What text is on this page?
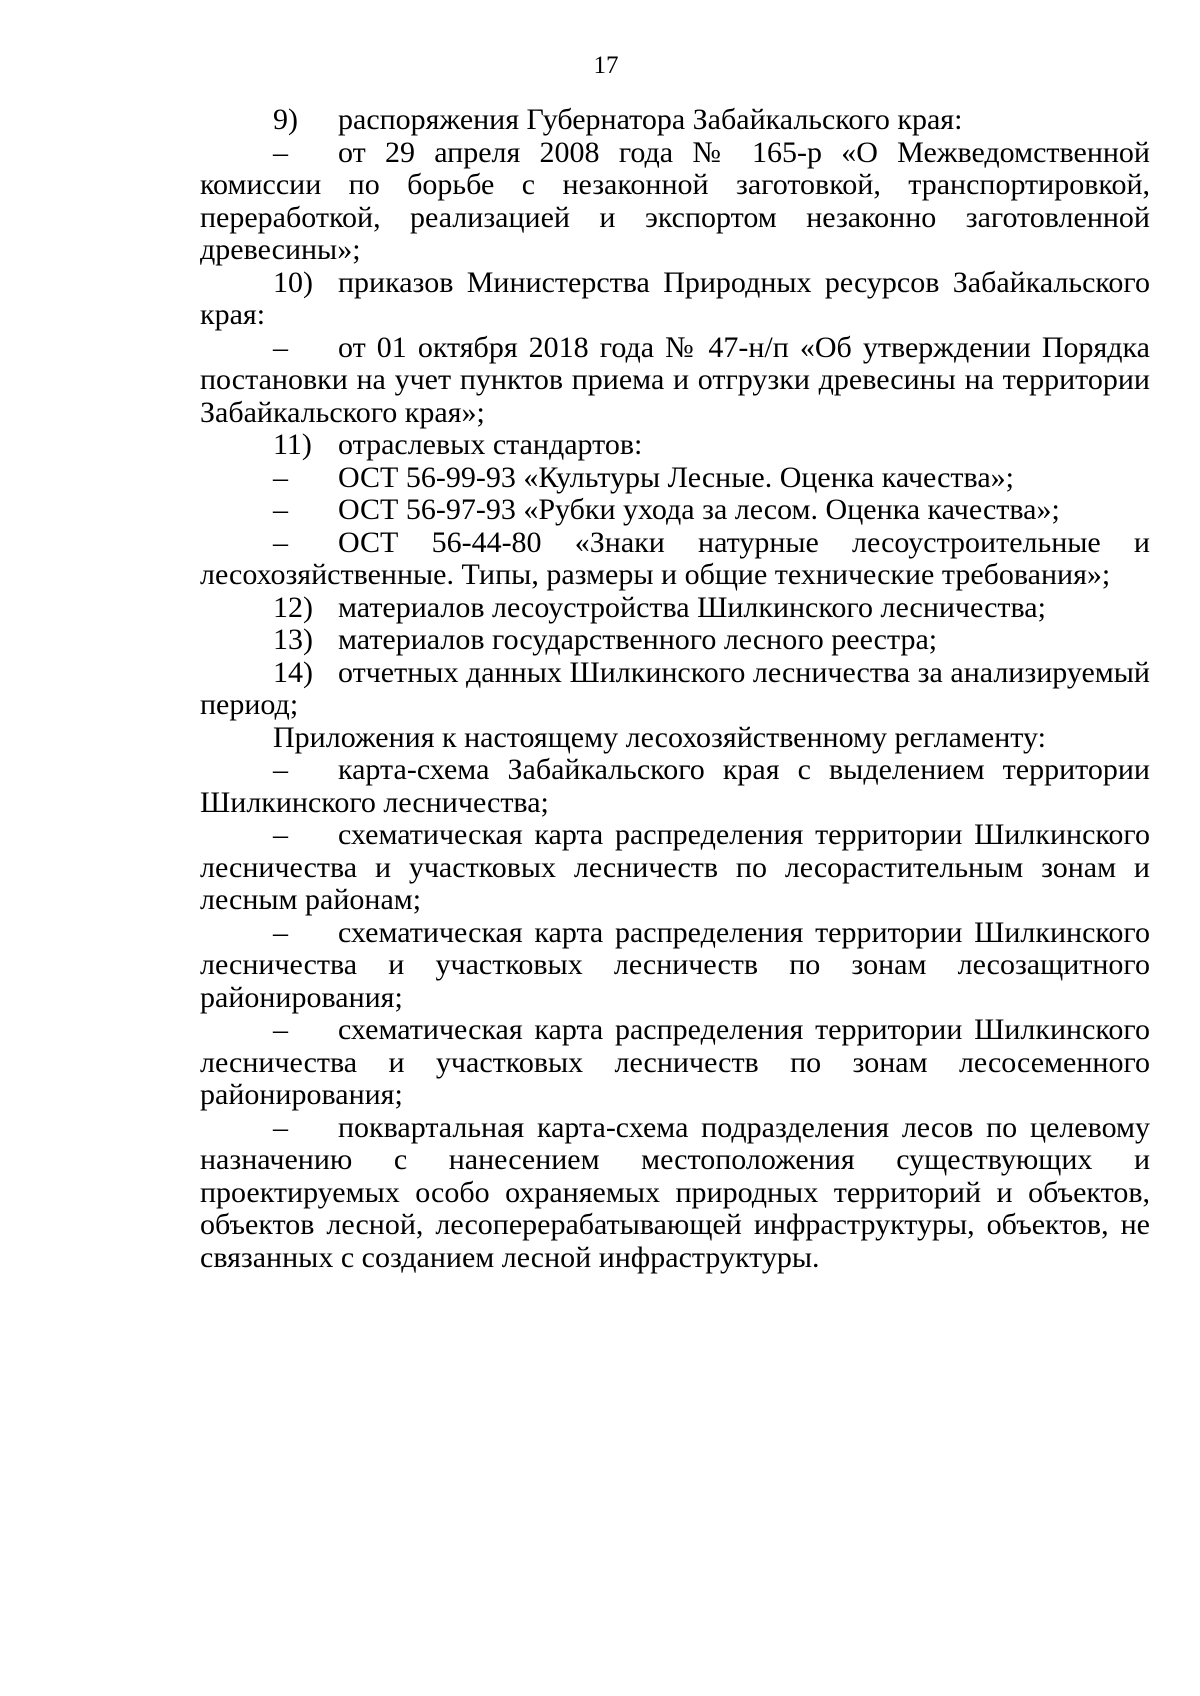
17

9) распоряжения Губернатора Забайкальского края:

– от 29 апреля 2008 года № 165-р «О Межведомственной комиссии по борьбе с незаконной заготовкой, транспортировкой, переработкой, реализацией и экспортом незаконно заготовленной древесины»;

10) приказов Министерства Природных ресурсов Забайкальского края:

– от 01 октября 2018 года № 47-н/п «Об утверждении Порядка постановки на учет пунктов приема и отгрузки древесины на территории Забайкальского края»;

11) отраслевых стандартов:

– ОСТ 56-99-93 «Культуры Лесные. Оценка качества»;

– ОСТ 56-97-93 «Рубки ухода за лесом. Оценка качества»;

– ОСТ 56-44-80 «Знаки натурные лесоустроительные и лесохозяйственные. Типы, размеры и общие технические требования»;

12) материалов лесоустройства Шилкинского лесничества;

13) материалов государственного лесного реестра;

14) отчетных данных Шилкинского лесничества за анализируемый период;

Приложения к настоящему лесохозяйственному регламенту:

– карта-схема Забайкальского края с выделением территории Шилкинского лесничества;

– схематическая карта распределения территории Шилкинского лесничества и участковых лесничеств по лесорастительным зонам и лесным районам;

– схематическая карта распределения территории Шилкинского лесничества и участковых лесничеств по зонам лесозащитного районирования;

– схематическая карта распределения территории Шилкинского лесничества и участковых лесничеств по зонам лесосеменного районирования;

– поквартальная карта-схема подразделения лесов по целевому назначению с нанесением местоположения существующих и проектируемых особо охраняемых природных территорий и объектов, объектов лесной, лесоперерабатывающей инфраструктуры, объектов, не связанных с созданием лесной инфраструктуры.
